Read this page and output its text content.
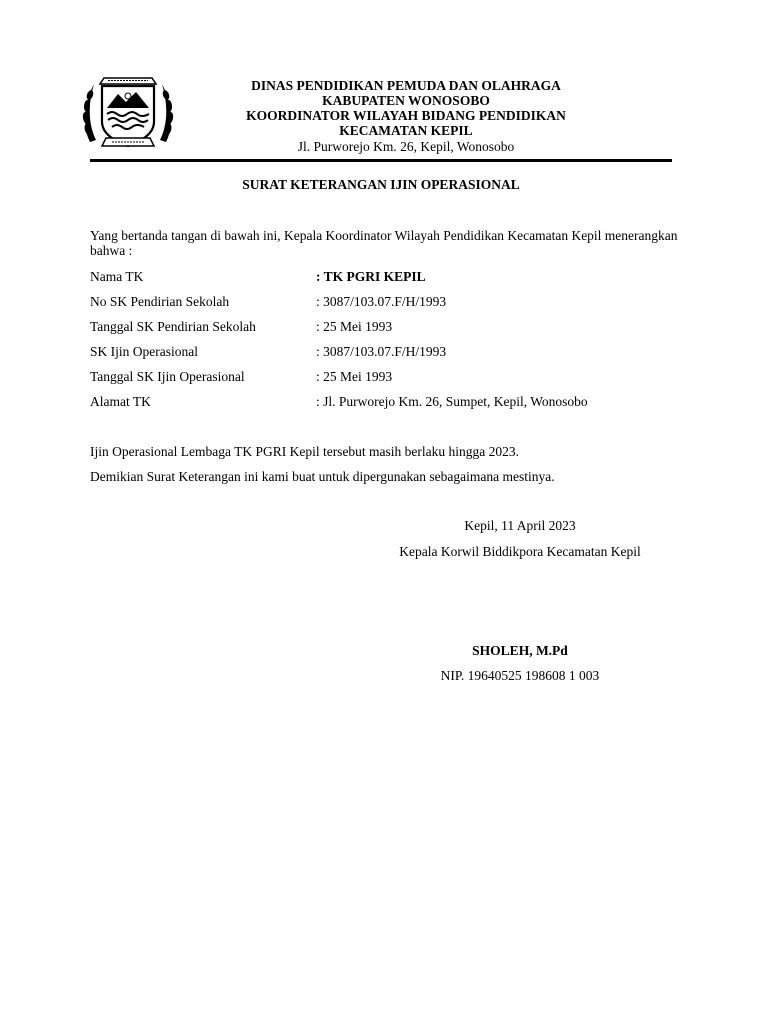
DINAS PENDIDIKAN PEMUDA DAN OLAHRAGA
KABUPATEN WONOSOBO
KOORDINATOR WILAYAH BIDANG PENDIDIKAN
KECAMATAN KEPIL
Jl. Purworejo Km. 26, Kepil, Wonosobo
SURAT KETERANGAN IJIN OPERASIONAL
Yang bertanda tangan di bawah ini, Kepala Koordinator Wilayah Pendidikan Kecamatan Kepil menerangkan bahwa :
Nama TK	: TK PGRI KEPIL
No SK Pendirian Sekolah	: 3087/103.07.F/H/1993
Tanggal SK Pendirian Sekolah	: 25 Mei 1993
SK Ijin Operasional	: 3087/103.07.F/H/1993
Tanggal SK Ijin Operasional	: 25 Mei 1993
Alamat TK	: Jl. Purworejo Km. 26, Sumpet, Kepil, Wonosobo
Ijin Operasional Lembaga TK PGRI Kepil tersebut masih berlaku hingga 2023.
Demikian Surat Keterangan ini kami buat untuk dipergunakan sebagaimana mestinya.
Kepil, 11 April 2023
Kepala Korwil Biddikpora Kecamatan Kepil
SHOLEH, M.Pd
NIP. 19640525 198608 1 003
